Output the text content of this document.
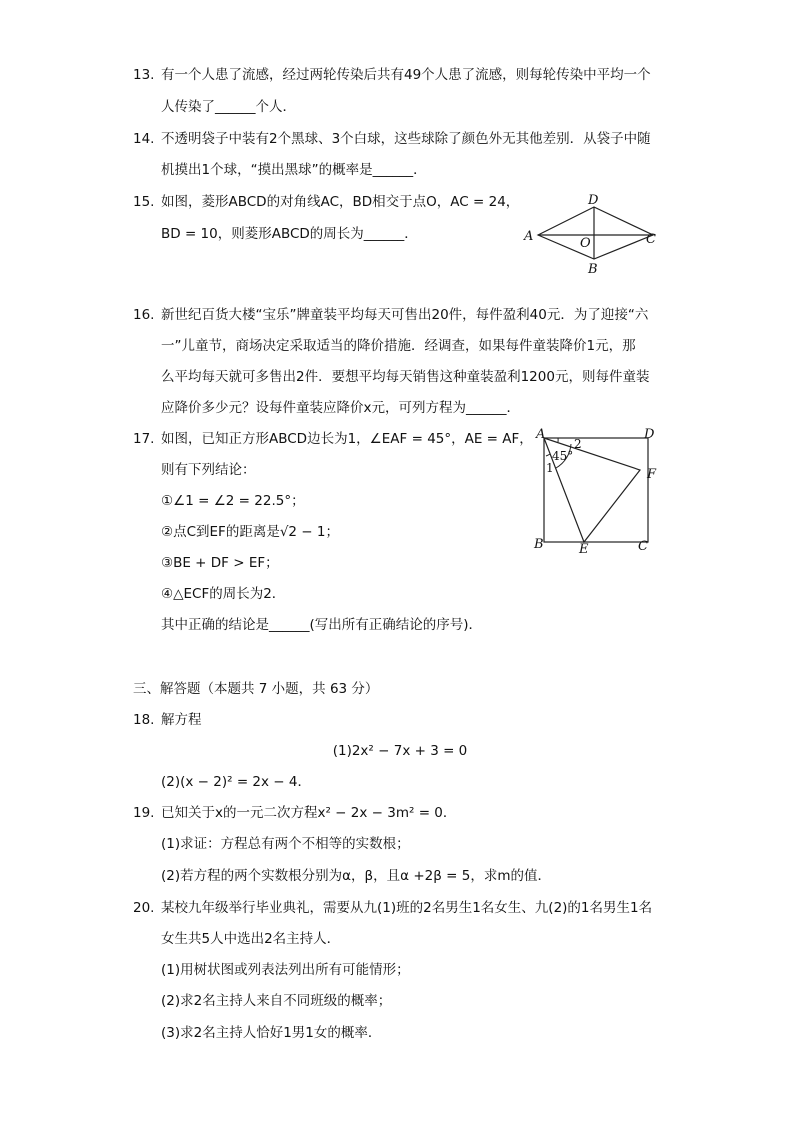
13. 有一个人患了流感，经过两轮传染后共有49个人患了流感，则每轮传染中平均一个
人传染了______个人．
14. 不透明袋子中装有2个黑球、3个白球，这些球除了颜色外无其他差别．从袋子中随
机摸出1个球，“摸出黑球”的概率是______．
15. 如图，菱形ABCD的对角线AC，BD相交于点O，AC = 24，
BD = 10，则菱形ABCD的周长为______．	A
D
C
B
O
16. 新世纪百货大楼“宝乐”牌童装平均每天可售出20件，每件盈利40元．为了迎接“六
一”儿童节，商场决定采取适当的降价措施．经调查，如果每件童装降价1元，那
么平均每天就可多售出2件．要想平均每天销售这种童装盈利1200元，则每件童装
应降价多少元？设每件童装应降价x元，可列方程为______．
17. 如图，已知正方形ABCD边长为1，∠EAF = 45°，AE = AF，
则有下列结论：
①∠1 = ∠2 = 22.5°；
②点C到EF的距离是√2 − 1；
③BE + DF > EF；
④△ECF的周长为2．
其中正确的结论是______(写出所有正确结论的序号)．
A	D
B	C
E
F
45°
1
2
三、解答题（本题共 7 小题，共 63 分）
18. 解方程
(1)2x² − 7x + 3 = 0
(2)(x − 2)² = 2x − 4．
19. 已知关于x的一元二次方程x² − 2x − 3m² = 0．
(1)求证：方程总有两个不相等的实数根；
(2)若方程的两个实数根分别为α，β，且α +2β = 5，求m的值．
20. 某校九年级举行毕业典礼，需要从九(1)班的2名男生1名女生、九(2)的1名男生1名
女生共5人中选出2名主持人．
(1)用树状图或列表法列出所有可能情形；
(2)求2名主持人来自不同班级的概率；
(3)求2名主持人恰好1男1女的概率．
